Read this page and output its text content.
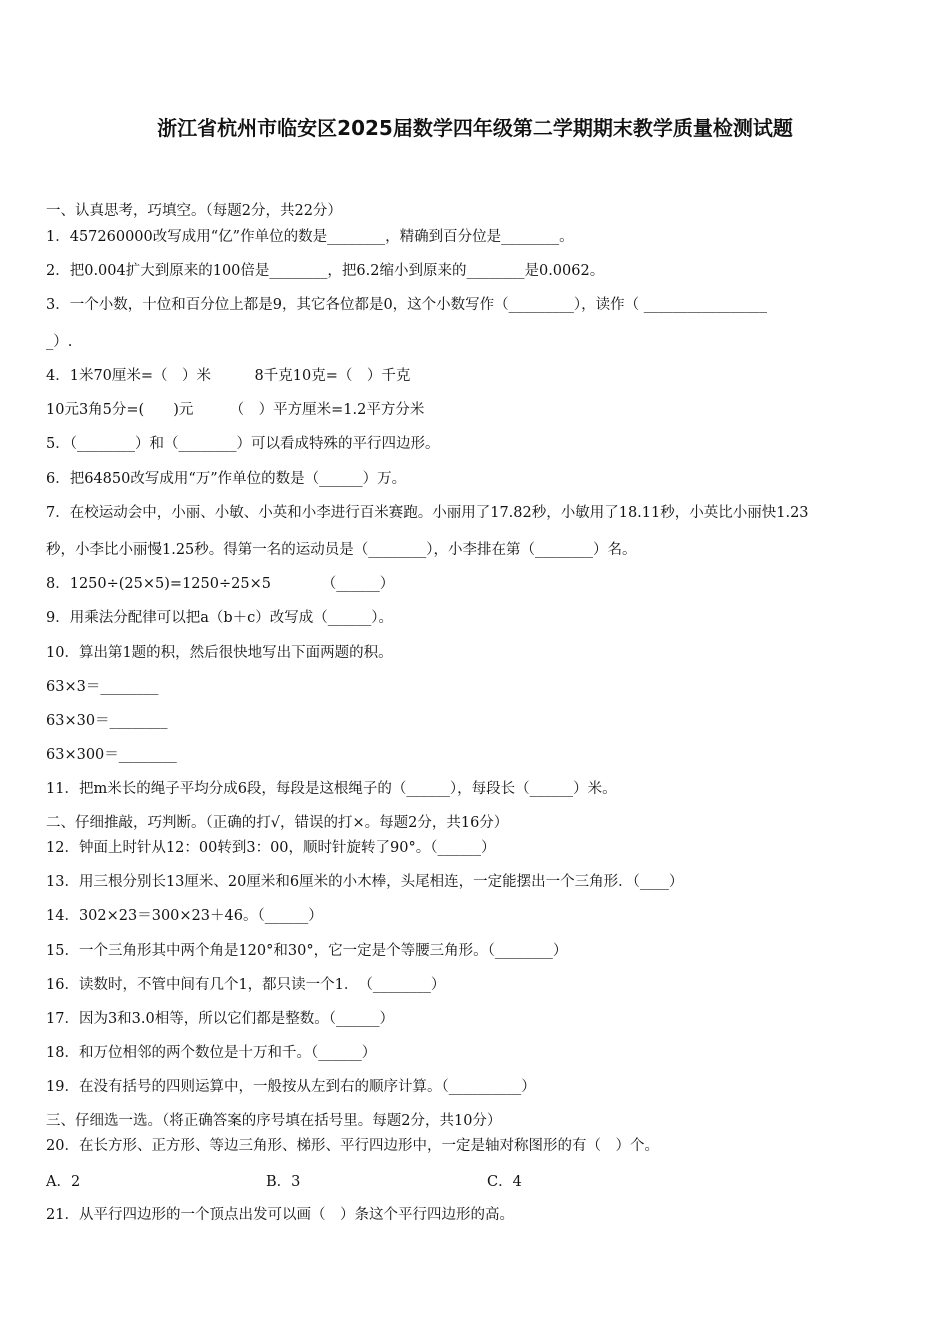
浙江省杭州市临安区2025届数学四年级第二学期期末教学质量检测试题
一、认真思考，巧填空。（每题2分，共22分）
1．457260000改写成用“亿”作单位的数是________，精确到百分位是________。
2．把0.004扩大到原来的100倍是________，把6.2缩小到原来的________是0.0062。
3．一个小数，十位和百分位上都是9，其它各位都是0，这个小数写作（_________），读作（ _________________
_）.
4．1米70厘米=（　）米　　　8千克10克=（　）千克
10元3角5分=(　　)元　　　（　）平方厘米=1.2平方分米
5．（________）和（________）可以看成特殊的平行四边形。
6．把64850改写成用“万”作单位的数是（______）万。
7．在校运动会中，小丽、小敏、小英和小李进行百米赛跑。小丽用了17.82秒，小敏用了18.11秒，小英比小丽快1.23
秒，小李比小丽慢1.25秒。得第一名的运动员是（________），小李排在第（________）名。
8．1250÷(25×5)=1250÷25×5　　　　（______）
9．用乘法分配律可以把a（b＋c）改写成（______）。
10．算出第1题的积，然后很快地写出下面两题的积。
63×3＝________
63×30＝________
63×300＝________
11．把m米长的绳子平均分成6段，每段是这根绳子的（______），每段长（______）米。
二、仔细推敲，巧判断。（正确的打√，错误的打×。每题2分，共16分）
12．钟面上时针从12：00转到3：00，顺时针旋转了90°。（______）
13．用三根分别长13厘米、20厘米和6厘米的小木棒，头尾相连，一定能摆出一个三角形．（____）
14．302×23＝300×23＋46。（______）
15．一个三角形其中两个角是120°和30°，它一定是个等腰三角形。（________）
16．读数时，不管中间有几个1，都只读一个1．　（________）
17．因为3和3.0相等，所以它们都是整数。（______）
18．和万位相邻的两个数位是十万和千。（______）
19．在没有括号的四则运算中，一般按从左到右的顺序计算。（__________）
三、仔细选一选。（将正确答案的序号填在括号里。每题2分，共10分）
20．在长方形、正方形、等边三角形、梯形、平行四边形中，一定是轴对称图形的有（　）个。
A．2	B．3	C．4
21．从平行四边形的一个顶点出发可以画（　）条这个平行四边形的高。
